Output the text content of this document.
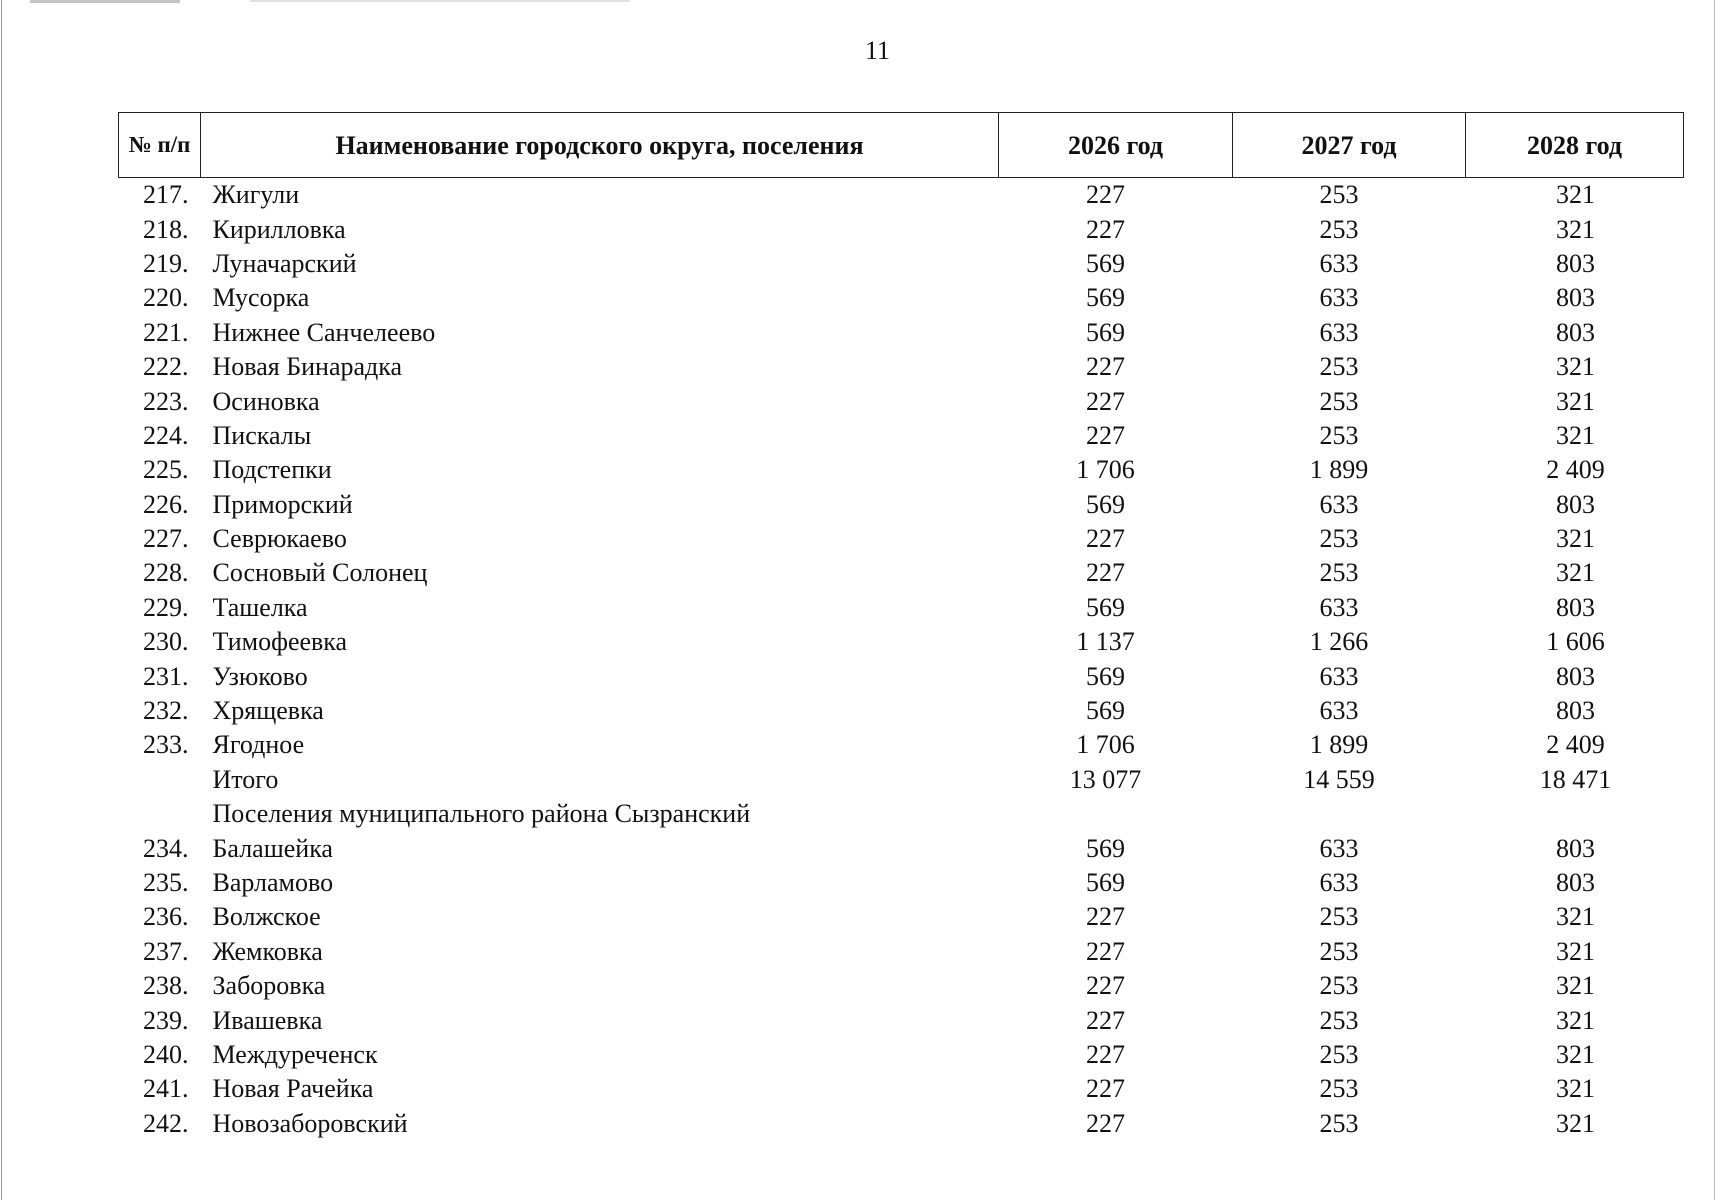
11
№ п/п	Наименование городского округа, поселения	2026 год	2027 год	2028 год
217.	Жигули	227	253	321
218.	Кирилловка	227	253	321
219.	Луначарский	569	633	803
220.	Мусорка	569	633	803
221.	Нижнее Санчелеево	569	633	803
222.	Новая Бинарадка	227	253	321
223.	Осиновка	227	253	321
224.	Пискалы	227	253	321
225.	Подстепки	1 706	1 899	2 409
226.	Приморский	569	633	803
227.	Севрюкаево	227	253	321
228.	Сосновый Солонец	227	253	321
229.	Ташелка	569	633	803
230.	Тимофеевка	1 137	1 266	1 606
231.	Узюково	569	633	803
232.	Хрящевка	569	633	803
233.	Ягодное	1 706	1 899	2 409
	Итого	13 077	14 559	18 471
	Поселения муниципального района Сызранский			
234.	Балашейка	569	633	803
235.	Варламово	569	633	803
236.	Волжское	227	253	321
237.	Жемковка	227	253	321
238.	Заборовка	227	253	321
239.	Ивашевка	227	253	321
240.	Междуреченск	227	253	321
241.	Новая Рачейка	227	253	321
242.	Новозаборовский	227	253	321
